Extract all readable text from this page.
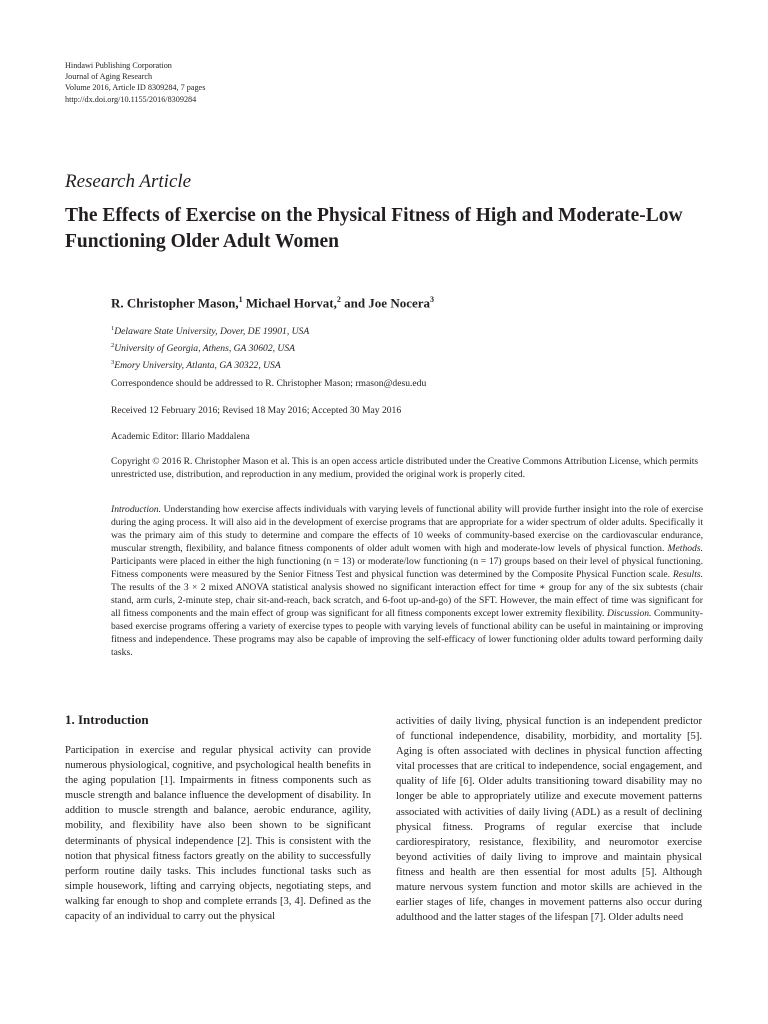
Hindawi Publishing Corporation
Journal of Aging Research
Volume 2016, Article ID 8309284, 7 pages
http://dx.doi.org/10.1155/2016/8309284
Research Article
The Effects of Exercise on the Physical Fitness of High and Moderate-Low Functioning Older Adult Women
R. Christopher Mason,$^1$ Michael Horvat,$^2$ and Joe Nocera$^3$
$^1$Delaware State University, Dover, DE 19901, USA
$^2$University of Georgia, Athens, GA 30602, USA
$^3$Emory University, Atlanta, GA 30322, USA
Correspondence should be addressed to R. Christopher Mason; rmason@desu.edu
Received 12 February 2016; Revised 18 May 2016; Accepted 30 May 2016
Academic Editor: Illario Maddalena
Copyright © 2016 R. Christopher Mason et al. This is an open access article distributed under the Creative Commons Attribution License, which permits unrestricted use, distribution, and reproduction in any medium, provided the original work is properly cited.
Introduction. Understanding how exercise affects individuals with varying levels of functional ability will provide further insight into the role of exercise during the aging process. It will also aid in the development of exercise programs that are appropriate for a wider spectrum of older adults. Specifically it was the primary aim of this study to determine and compare the effects of 10 weeks of community-based exercise on the cardiovascular endurance, muscular strength, flexibility, and balance fitness components of older adult women with high and moderate-low levels of physical function. Methods. Participants were placed in either the high functioning (n = 13) or moderate/low functioning (n = 17) groups based on their level of physical functioning. Fitness components were measured by the Senior Fitness Test and physical function was determined by the Composite Physical Function scale. Results. The results of the 3 × 2 mixed ANOVA statistical analysis showed no significant interaction effect for time ∗ group for any of the six subtests (chair stand, arm curls, 2-minute step, chair sit-and-reach, back scratch, and 6-foot up-and-go) of the SFT. However, the main effect of time was significant for all fitness components and the main effect of group was significant for all fitness components except lower extremity flexibility. Discussion. Community-based exercise programs offering a variety of exercise types to people with varying levels of functional ability can be useful in maintaining or improving fitness and independence. These programs may also be capable of improving the self-efficacy of lower functioning older adults toward performing daily tasks.
1. Introduction
Participation in exercise and regular physical activity can provide numerous physiological, cognitive, and psychological health benefits in the aging population [1]. Impairments in fitness components such as muscle strength and balance influence the development of disability. In addition to muscle strength and balance, aerobic endurance, agility, mobility, and flexibility have also been shown to be significant determinants of physical independence [2]. This is consistent with the notion that physical fitness factors greatly on the ability to successfully perform routine daily tasks. This includes functional tasks such as simple housework, lifting and carrying objects, negotiating steps, and walking far enough to shop and complete errands [3, 4]. Defined as the capacity of an individual to carry out the physical
activities of daily living, physical function is an independent predictor of functional independence, disability, morbidity, and mortality [5]. Aging is often associated with declines in physical function affecting vital processes that are critical to independence, social engagement, and quality of life [6]. Older adults transitioning toward disability may no longer be able to appropriately utilize and execute movement patterns associated with activities of daily living (ADL) as a result of declining physical fitness. Programs of regular exercise that include cardiorespiratory, resistance, flexibility, and neuromotor exercise beyond activities of daily living to improve and maintain physical fitness and health are then essential for most adults [5]. Although mature nervous system function and motor skills are achieved in the earlier stages of life, changes in movement patterns also occur during adulthood and the latter stages of the lifespan [7]. Older adults need
